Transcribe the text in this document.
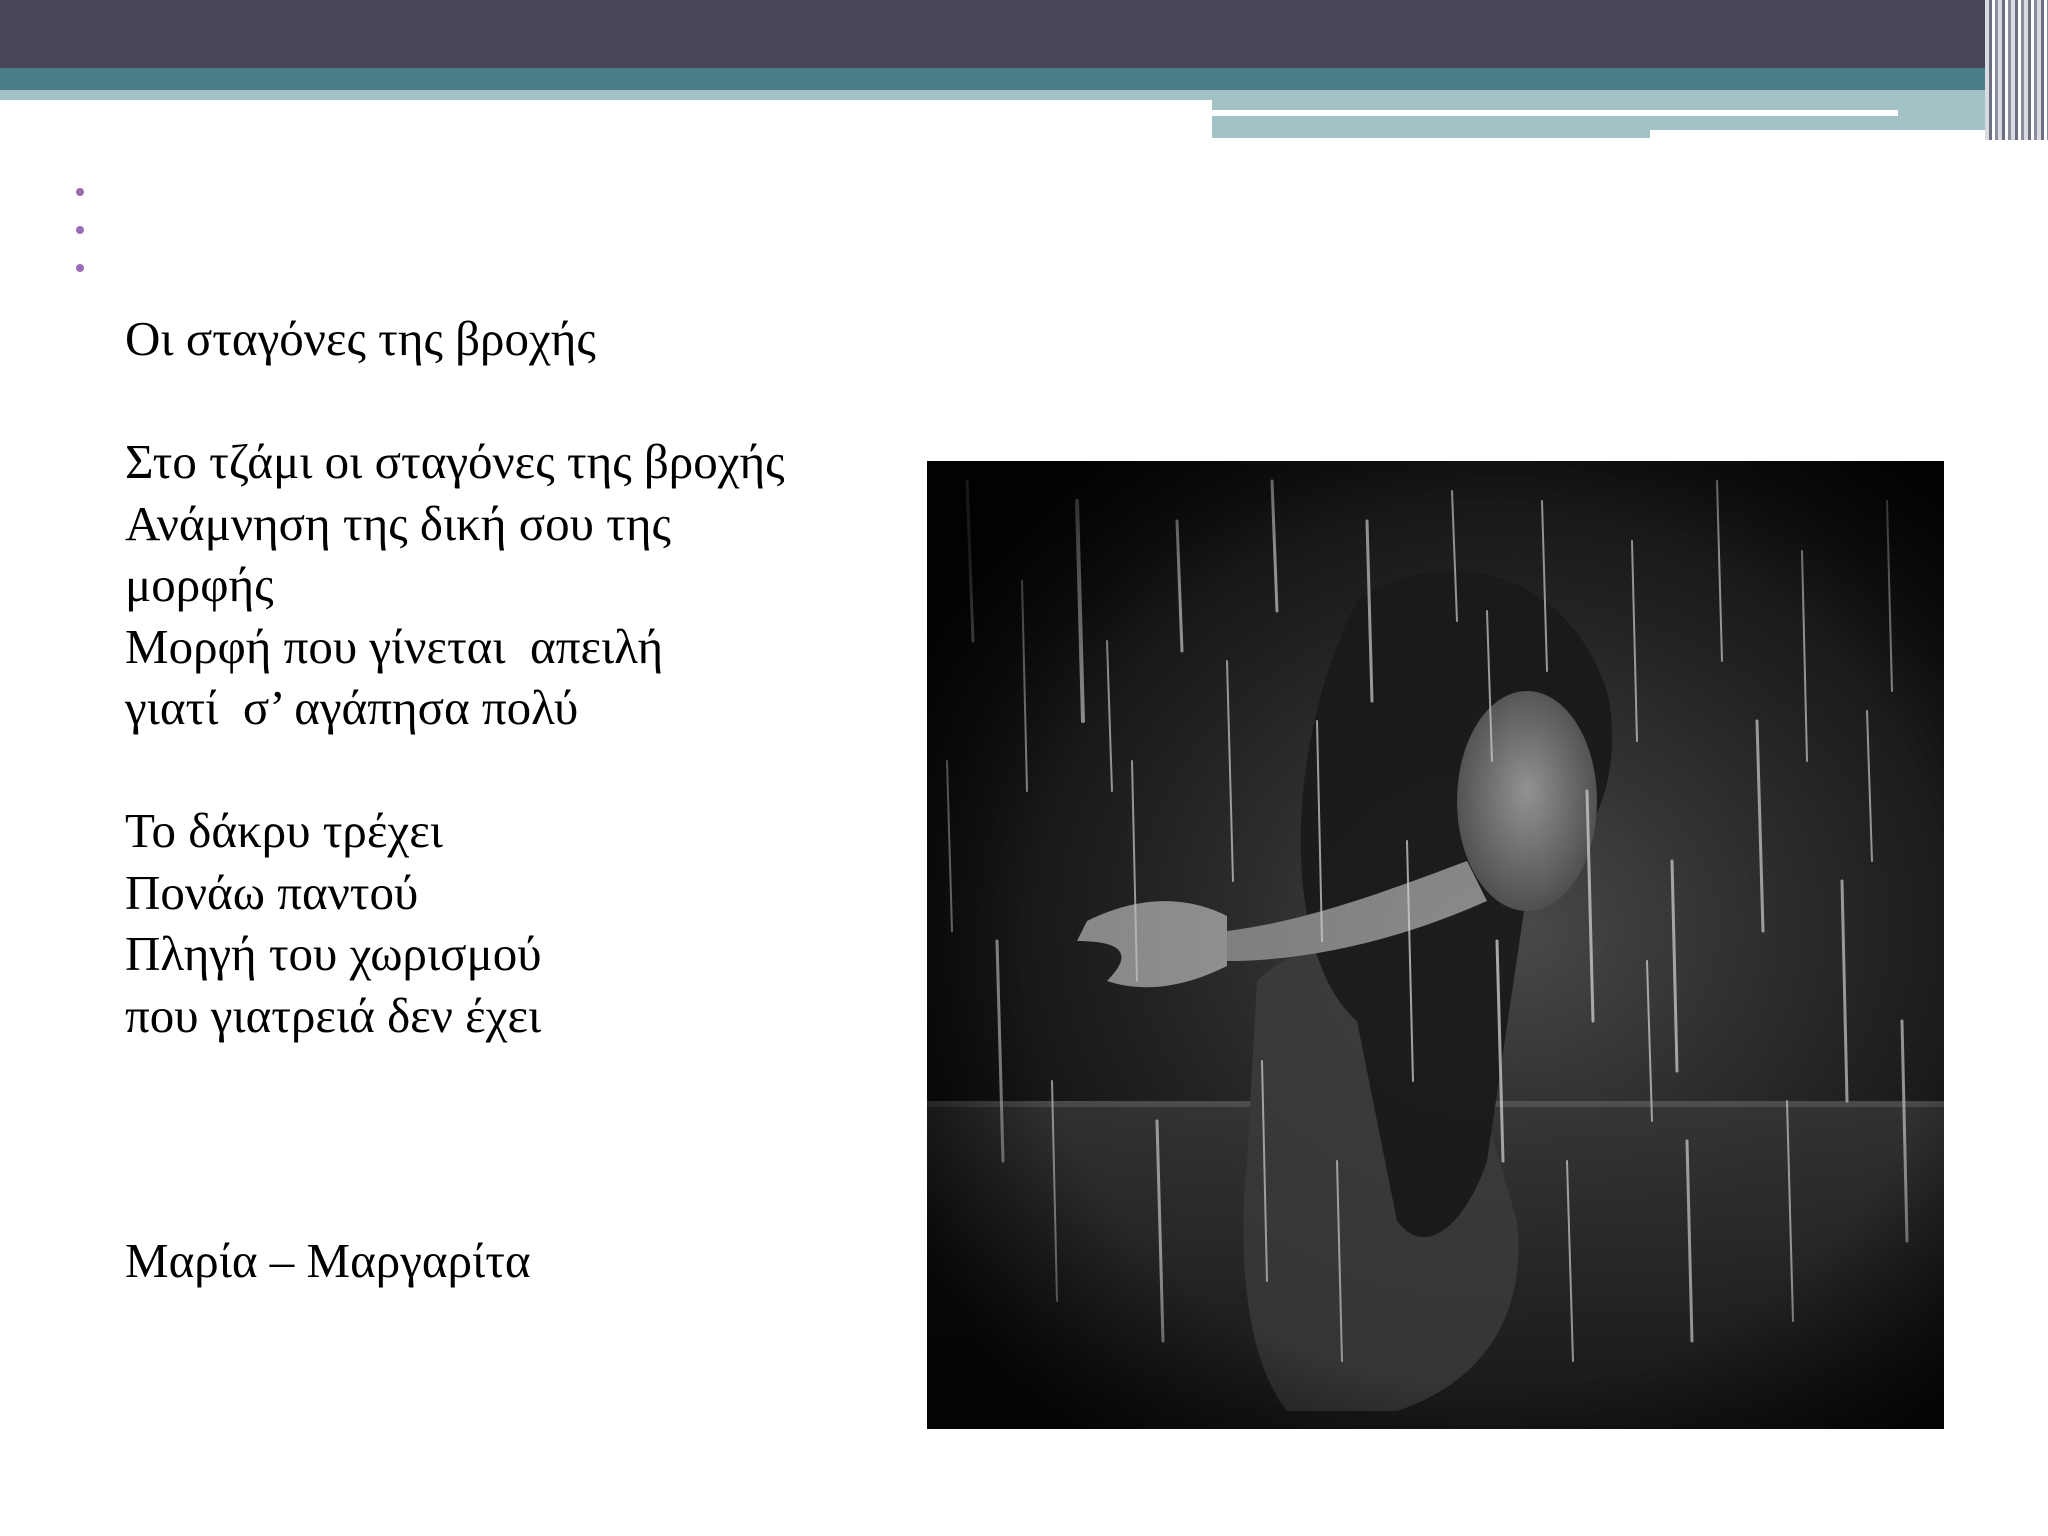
Οι σταγόνες της βροχής
Στο τζάμι οι σταγόνες της βροχής
Ανάμνηση της δική σου της
μορφής
Μορφή που γίνεται  απειλή
γιατί  σ’ αγάπησα πολύ
Το δάκρυ τρέχει
Πονάω παντού
Πληγή του χωρισμού
που γιατρειά δεν έχει
Μαρία – Μαργαρίτα
